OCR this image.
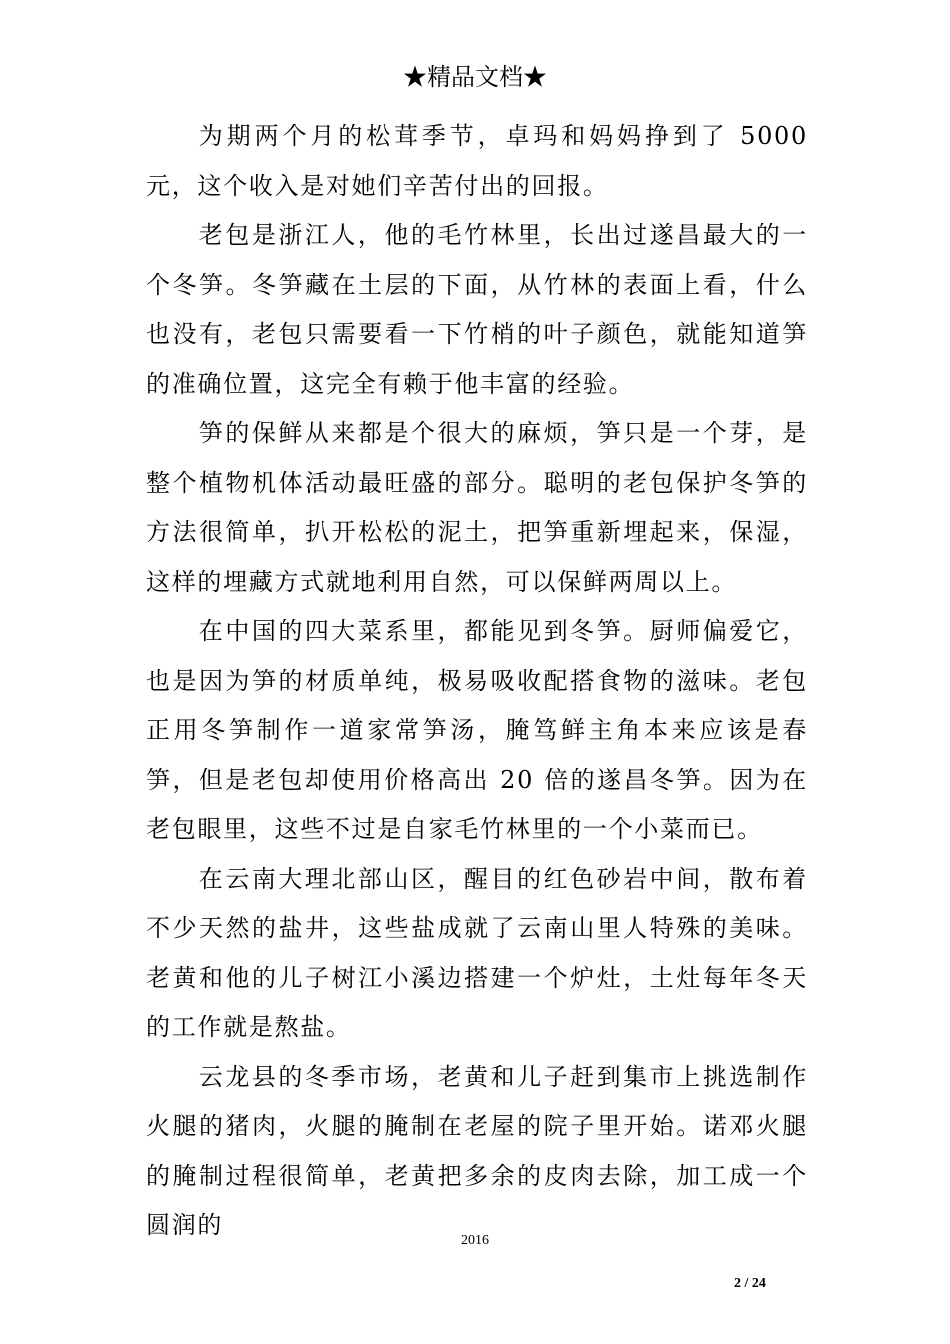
★精品文档★

为期两个月的松茸季节，卓玛和妈妈挣到了 5000 元，这个收入是对她们辛苦付出的回报。

老包是浙江人，他的毛竹林里，长出过遂昌最大的一个冬笋。冬笋藏在土层的下面，从竹林的表面上看，什么也没有，老包只需要看一下竹梢的叶子颜色，就能知道笋的准确位置，这完全有赖于他丰富的经验。

笋的保鲜从来都是个很大的麻烦，笋只是一个芽，是整个植物机体活动最旺盛的部分。聪明的老包保护冬笋的方法很简单，扒开松松的泥土，把笋重新埋起来，保湿，这样的埋藏方式就地利用自然，可以保鲜两周以上。

在中国的四大菜系里，都能见到冬笋。厨师偏爱它，也是因为笋的材质单纯，极易吸收配搭食物的滋味。老包正用冬笋制作一道家常笋汤，腌笃鲜主角本来应该是春笋，但是老包却使用价格高出 20 倍的遂昌冬笋。因为在老包眼里，这些不过是自家毛竹林里的一个小菜而已。

在云南大理北部山区，醒目的红色砂岩中间，散布着不少天然的盐井，这些盐成就了云南山里人特殊的美味。老黄和他的儿子树江小溪边搭建一个炉灶，土灶每年冬天的工作就是熬盐。

云龙县的冬季市场，老黄和儿子赶到集市上挑选制作火腿的猪肉，火腿的腌制在老屋的院子里开始。诺邓火腿的腌制过程很简单，老黄把多余的皮肉去除，加工成一个圆润的

2016
2 / 24
